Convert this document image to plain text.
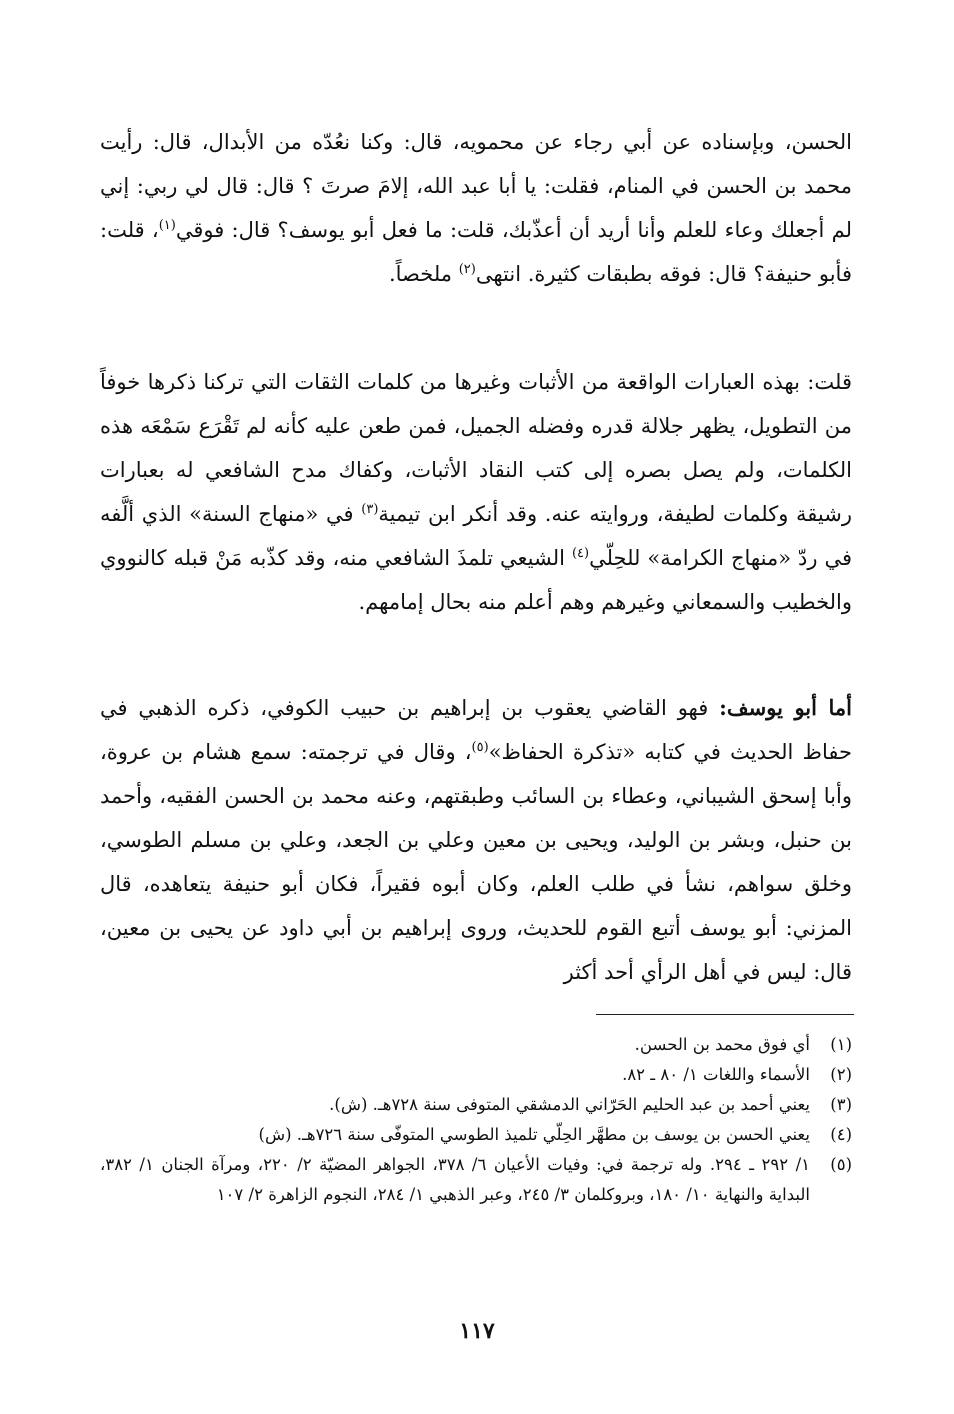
الحسن، وبإسناده عن أبي رجاء عن محمويه، قال: وكنا نعُدّه من الأبدال، قال: رأيت محمد بن الحسن في المنام، فقلت: يا أبا عبد الله، إلامَ صرتَ ؟ قال: قال لي ربي: إني لم أجعلك وعاء للعلم وأنا أريد أن أعذّبك، قلت: ما فعل أبو يوسف؟ قال: فوقي$^{(١)}$، قلت: فأبو حنيفة؟ قال: فوقه بطبقات كثيرة. انتهى$^{(٢)}$ ملخصاً.

قلت: بهذه العبارات الواقعة من الأثبات وغيرها من كلمات الثقات التي تركنا ذكرها خوفاً من التطويل، يظهر جلالة قدره وفضله الجميل، فمن طعن عليه كأنه لم تَقْرَع سَمْعَه هذه الكلمات، ولم يصل بصره إلى كتب النقاد الأثبات، وكفاك مدح الشافعي له بعبارات رشيقة وكلمات لطيفة، وروايته عنه. وقد أنكر ابن تيمية$^{(٣)}$ في «منهاج السنة» الذي ألَّفه في ردّ «منهاج الكرامة» للحِلّي$^{(٤)}$ الشيعي تلمذَ الشافعي منه، وقد كذّبه مَنْ قبله كالنووي والخطيب والسمعاني وغيرهم وهم أعلم منه بحال إمامهم.

أما أبو يوسف: فهو القاضي يعقوب بن إبراهيم بن حبيب الكوفي، ذكره الذهبي في حفاظ الحديث في كتابه «تذكرة الحفاظ»$^{(٥)}$، وقال في ترجمته: سمع هشام بن عروة، وأبا إسحق الشيباني، وعطاء بن السائب وطبقتهم، وعنه محمد بن الحسن الفقيه، وأحمد بن حنبل، وبشر بن الوليد، ويحيى بن معين وعلي بن الجعد، وعلي بن مسلم الطوسي، وخلق سواهم، نشأ في طلب العلم، وكان أبوه فقيراً، فكان أبو حنيفة يتعاهده، قال المزني: أبو يوسف أتبع القوم للحديث، وروى إبراهيم بن أبي داود عن يحيى بن معين، قال: ليس في أهل الرأي أحد أكثر

(١)
أي فوق محمد بن الحسن.
(٢)
الأسماء واللغات ١/ ٨٠ ـ ٨٢.
(٣)
يعني أحمد بن عبد الحليم الحَرّاني الدمشقي المتوفى سنة ٧٢٨هـ. (ش).
(٤)
يعني الحسن بن يوسف بن مطهَّر الحِلّي تلميذ الطوسي المتوفّى سنة ٧٢٦هـ. (ش)
(٥)
١/ ٢٩٢ ـ ٢٩٤. وله ترجمة في: وفيات الأعيان ٦/ ٣٧٨، الجواهر المضيّة ٢/ ٢٢٠، ومرآة الجنان ١/ ٣٨٢، البداية والنهاية ١٠/ ١٨٠، وبروكلمان ٣/ ٢٤٥، وعبر الذهبي ١/ ٢٨٤، النجوم الزاهرة ٢/ ١٠٧
١١٧
